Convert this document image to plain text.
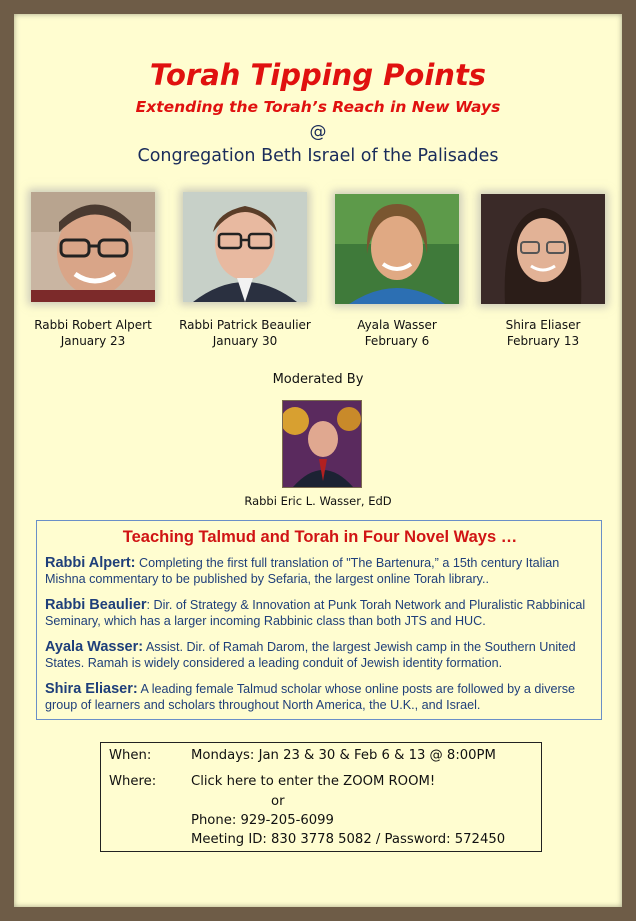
Torah Tipping Points
Extending the Torah’s Reach in New Ways
@
Congregation Beth Israel of the Palisades
Rabbi Robert Alpert
January 23
Rabbi Patrick Beaulier
January 30
Ayala Wasser
February 6
Shira Eliaser
February 13
Moderated By
Rabbi Eric L. Wasser, EdD
Teaching Talmud and Torah in Four Novel Ways …
Rabbi Alpert: Completing the first full translation of "The Bartenura,” a 15th century Italian Mishna commentary to be published by Sefaria, the largest online Torah library..
Rabbi Beaulier: Dir. of Strategy & Innovation at Punk Torah Network and Pluralistic Rabbinical Seminary, which has a larger incoming Rabbinic class than both JTS and HUC.
Ayala Wasser: Assist. Dir. of Ramah Darom, the largest Jewish camp in the Southern United States. Ramah is widely considered a leading conduit of Jewish identity formation.
Shira Eliaser: A leading female Talmud scholar whose online posts are followed by a diverse group of learners and scholars throughout North America, the U.K., and Israel.
When:	Mondays: Jan 23 & 30 & Feb 6 & 13 @ 8:00PM
Where:	Click here to enter the ZOOM ROOM!
or
Phone: 929-205-6099
Meeting ID: 830 3778 5082 / Password: 572450
